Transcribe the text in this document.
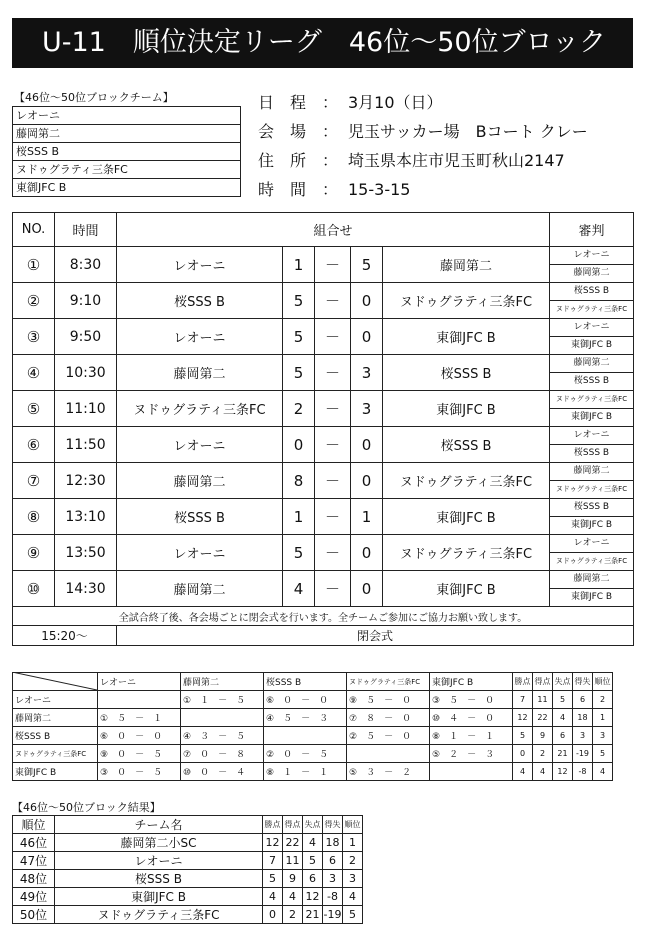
U-11　順位決定リーグ　46位～50位ブロック
【46位～50位ブロックチーム】
レオーニ
藤岡第二
桜SSS B
ヌドゥグラティ三条FC
東御JFC B
日　程 ： 3月10（日）
会　場 ： 児玉サッカー場　Bコート クレー
住　所 ： 埼玉県本庄市児玉町秋山2147
時　間 ： 15-3-15
NO.	時間	組合せ					審判
①	8:30	レオーニ	1	－	5	藤岡第二	レオーニ
							藤岡第二
②	9:10	桜SSS B	5	－	0	ヌドゥグラティ三条FC	桜SSS B
							ヌドゥグラティ三条FC
③	9:50	レオーニ	5	－	0	東御JFC B	レオーニ
							東御JFC B
④	10:30	藤岡第二	5	－	3	桜SSS B	藤岡第二
							桜SSS B
⑤	11:10	ヌドゥグラティ三条FC	2	－	3	東御JFC B	ヌドゥグラティ三条FC
							東御JFC B
⑥	11:50	レオーニ	0	－	0	桜SSS B	レオーニ
							桜SSS B
⑦	12:30	藤岡第二	8	－	0	ヌドゥグラティ三条FC	藤岡第二
							ヌドゥグラティ三条FC
⑧	13:10	桜SSS B	1	－	1	東御JFC B	桜SSS B
							東御JFC B
⑨	13:50	レオーニ	5	－	0	ヌドゥグラティ三条FC	レオーニ
							ヌドゥグラティ三条FC
⑩	14:30	藤岡第二	4	－	0	東御JFC B	藤岡第二
							東御JFC B
全試合終了後、各会場ごとに閉会式を行います。全チームご参加にご協力お願い致します。							
15:20～		閉会式					
	レオーニ	藤岡第二	桜SSS B	ヌドゥグラティ三条FC	東御JFC B	勝点	得点	失点	得失	順位
レオーニ		①　１　－　５	⑥　０　－　０	⑨　５　－　０	③　５　－　０	7	11	5	6	2
藤岡第二	①　５　－　１		④　５　－　３	⑦　８　－　０	⑩　４　－　０	12	22	4	18	1
桜SSS B	⑥　０　－　０	④　３　－　５		②　５　－　０	⑧　１　－　１	5	9	6	3	3
ヌドゥグラティ三条FC	⑨　０　－　５	⑦　０　－　８	②　０　－　５		⑤　２　－　３	0	2	21	-19	5
東御JFC B	③　０　－　５	⑩　０　－　４	⑧　１　－　１	⑤　３　－　２		4	4	12	-8	4
【46位～50位ブロック結果】
順位	チーム名	勝点	得点	失点	得失	順位
46位	藤岡第二小SC	12	22	4	18	1
47位	レオーニ	7	11	5	6	2
48位	桜SSS B	5	9	6	3	3
49位	東御JFC B	4	4	12	-8	4
50位	ヌドゥグラティ三条FC	0	2	21	-19	5
